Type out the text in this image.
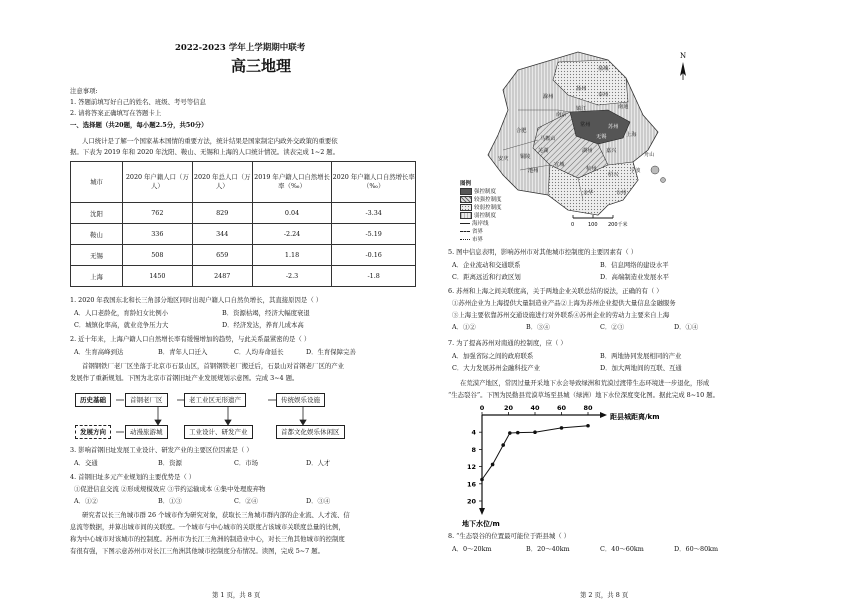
2022-2023 学年上学期期中联考
高三地理
注意事项:
1. 答题前填写好自己的姓名、班级、考号等信息
2. 请将答案正确填写在答题卡上
一、选择题（共20题，每小题2.5分，共50分）
人口统计是了解一个国家基本国情的重要方法，统计结果是国家制定内政外交政策的重要依
据。下表为 2019 年和 2020 年沈阳、鞍山、无锡和上海的人口统计情况。读表完成 1~2 题。
城市	2020 年户籍人口（万人）	2020 年总人口（万人）	2019 年户籍人口自然增长率（‰）	2020 年户籍人口自然增长率（‰）
沈阳	762	829	0.04	-3.34
鞍山	336	344	-2.24	-5.19
无锡	508	659	1.18	-0.16
上海	1450	2487	-2.3	-1.8
1. 2020 年我国东北和长三角部分地区同时出现户籍人口自然负增长，其直接原因是（ ）
A．人口老龄化，育龄妇女比例小	B．资源枯竭，经济大幅度衰退
C．城镇化率高，就业竞争压力大	D．经济发达，养育儿成本高
2. 近十年来，上海户籍人口自然增长率有缓慢增加的趋势，与此关系最紧密的是（ ）
A．生育高峰到达	B．青年人口迁入	C．人均寿命延长	D．生育保障完善
首钢钢铁厂老厂区坐落于北京市石景山区，首钢钢铁老厂搬迁后，石景山对首钢老厂区的产业
发展作了重新规划。下图为北京市首钢旧址产业发展规划示意图。完成 3~4 题。
历史基础	首钢老厂区	老工业区无形遗产	传统娱乐设施
发展方向	动漫旅游城	工业设计、研发产业	首都文化娱乐休闲区
3. 影响首钢旧址发展工业设计、研发产业的主要区位因素是（ ）
A．交通	B．资源	C．市场	D．人才
4. 首钢旧址多元产业规划的主要优势是（ ）
①促进信息交流 ②形成规模效应 ③节约运输成本 ④集中处理废弃物
A．①②	B．①③	C．②④	D．③④
研究者以长三角城市群 26 个城市作为研究对象，获取长三角城市群内部的企业流、人才流、信
息流等数据，并算出城市间的关联度。一个城市与中心城市的关联度占该城市关联度总量的比例，
称为中心城市对该城市的控制度。苏州市为长江三角洲的制造业中心，对长三角其他城市的控制度
有很有强，下图示意苏州市对长江三角洲其他城市控制度分布情况。读图，完成 5~7 题。
第 1 页，共 8 页
N
盐城
扬州
泰州
南通
滁州
南京
镇江
常州	苏州
上海
合肥
无锡
马鞍山
芜湖
宣城
湖州	嘉兴
杭州
绍兴
宁波
舟山
铜陵
池州
安庆
金华	台州
0	100 200千米
图例
强控制度
较强控制度
较弱控制度
弱控制度
海岸线
省界
市界
5. 图中信息表明，影响苏州市对其他城市控制度的主要因素有（ ）
A．企业流动和交通联系	B．信息网络的建设水平
C．距离远近和行政区划	D．高端制造业发展水平
6. 苏州和上海之间关联度高，关于两地企业关联总结的说法，正确的有（ ）
①苏州企业为上海提供大量制造业产品②上海为苏州企业提供大量信息金融服务
③上海主要依靠苏州交通设施进行对外联系④苏州企业的劳动力主要来自上海
A．①②	B．③④	C．②③	D．①④
7. 为了提高苏州对南通的控制度，应（ ）
A．加强省际之间的政府联系	B．两地协同发展相同的产业
C．大力发展苏州金融科技产业	D．加大两地间的互联、互通
在荒漠产地区，常因过量开采地下水会导致绿洲和荒漠过渡带生态环境进一步退化，形成
“生态裂谷”。下图为民勤县荒漠草场至县城（绿洲）地下水位深度变化图。据此完成 8~10 题。
0	20	40	60	80
4
8
12
16
20
距县城距离/km
地下水位/m
8. “生态裂谷的位置最可能位于距县城（ ）
A．0～20km	B．20～40km	C．40～60km	D．60～80km
第 2 页，共 8 页
